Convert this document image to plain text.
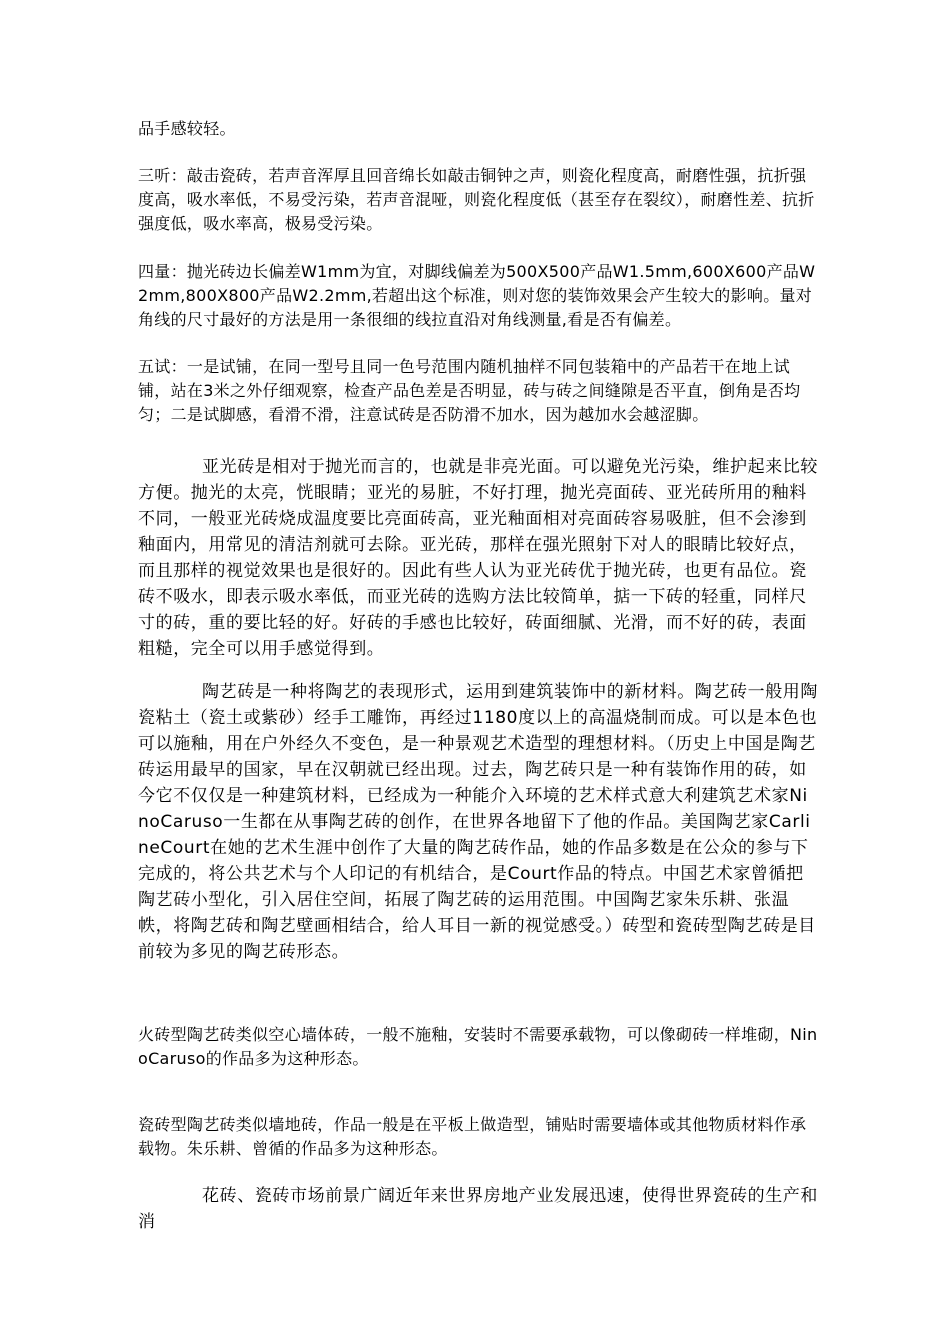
品手感较轻。

三听：敲击瓷砖，若声音浑厚且回音绵长如敲击铜钟之声，则瓷化程度高，耐磨性强，抗折强度高，吸水率低，不易受污染，若声音混哑，则瓷化程度低（甚至存在裂纹），耐磨性差、抗折强度低，吸水率高，极易受污染。

四量：抛光砖边长偏差W1mm为宜，对脚线偏差为500X500产品W1.5mm,600X600产品W2mm,800X800产品W2.2mm,若超出这个标准，则对您的装饰效果会产生较大的影响。量对角线的尺寸最好的方法是用一条很细的线拉直沿对角线测量,看是否有偏差。

五试：一是试铺，在同一型号且同一色号范围内随机抽样不同包装箱中的产品若干在地上试铺，站在3米之外仔细观察，检查产品色差是否明显，砖与砖之间缝隙是否平直，倒角是否均匀；二是试脚感，看滑不滑，注意试砖是否防滑不加水，因为越加水会越涩脚。

亚光砖是相对于抛光而言的，也就是非亮光面。可以避免光污染，维护起来比较方便。抛光的太亮，恍眼睛；亚光的易脏，不好打理，抛光亮面砖、亚光砖所用的釉料不同，一般亚光砖烧成温度要比亮面砖高，亚光釉面相对亮面砖容易吸脏，但不会渗到釉面内，用常见的清洁剂就可去除。亚光砖，那样在强光照射下对人的眼睛比较好点，而且那样的视觉效果也是很好的。因此有些人认为亚光砖优于抛光砖，也更有品位。瓷砖不吸水，即表示吸水率低，而亚光砖的选购方法比较简单，掂一下砖的轻重，同样尺寸的砖，重的要比轻的好。好砖的手感也比较好，砖面细腻、光滑，而不好的砖，表面粗糙，完全可以用手感觉得到。

陶艺砖是一种将陶艺的表现形式，运用到建筑装饰中的新材料。陶艺砖一般用陶瓷粘土（瓷土或紫砂）经手工雕饰，再经过1180度以上的高温烧制而成。可以是本色也可以施釉，用在户外经久不变色，是一种景观艺术造型的理想材料。（历史上中国是陶艺砖运用最早的国家，早在汉朝就已经出现。过去，陶艺砖只是一种有装饰作用的砖，如今它不仅仅是一种建筑材料，已经成为一种能介入环境的艺术样式意大利建筑艺术家NinoCaruso一生都在从事陶艺砖的创作，在世界各地留下了他的作品。美国陶艺家CarlineCourt在她的艺术生涯中创作了大量的陶艺砖作品，她的作品多数是在公众的参与下完成的，将公共艺术与个人印记的有机结合，是Court作品的特点。中国艺术家曾循把陶艺砖小型化，引入居住空间，拓展了陶艺砖的运用范围。中国陶艺家朱乐耕、张温帙，将陶艺砖和陶艺壁画相结合，给人耳目一新的视觉感受。）砖型和瓷砖型陶艺砖是目前较为多见的陶艺砖形态。

火砖型陶艺砖类似空心墙体砖，一般不施釉，安装时不需要承载物，可以像砌砖一样堆砌，NinoCaruso的作品多为这种形态。

瓷砖型陶艺砖类似墙地砖，作品一般是在平板上做造型，铺贴时需要墙体或其他物质材料作承载物。朱乐耕、曾循的作品多为这种形态。

花砖、瓷砖市场前景广阔近年来世界房地产业发展迅速，使得世界瓷砖的生产和消
